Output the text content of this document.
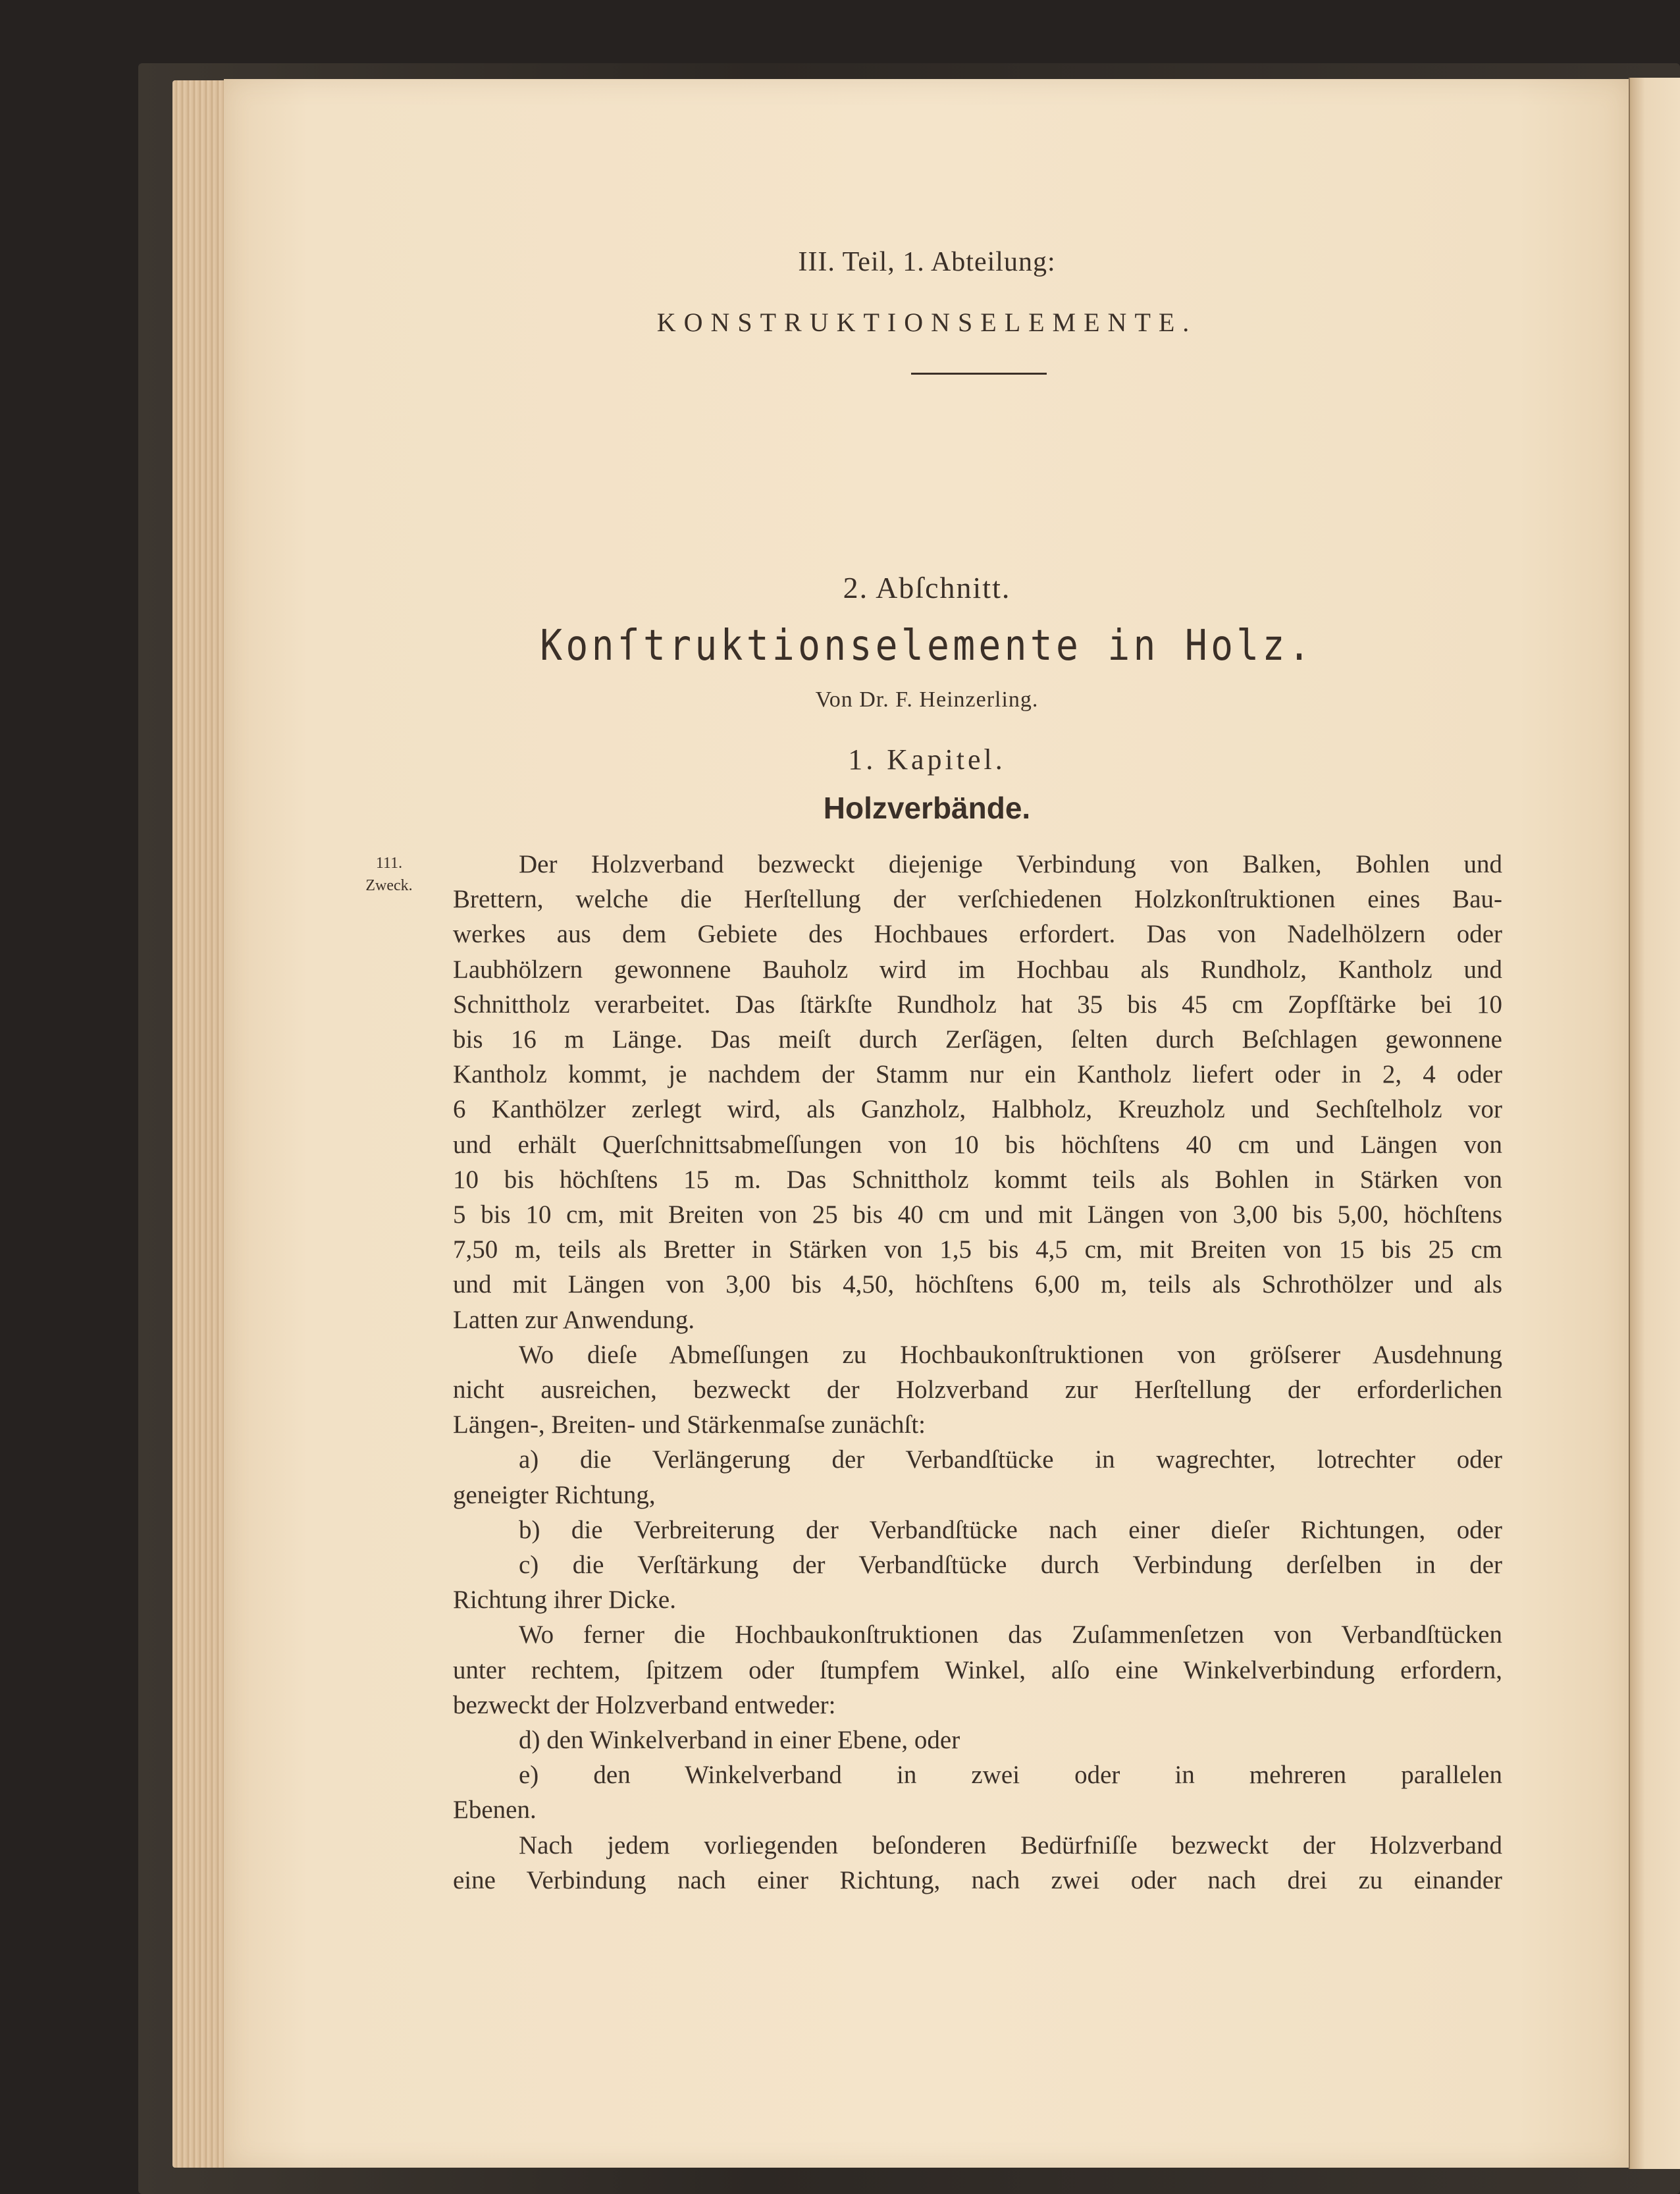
III. Teil, 1. Abteilung:
KONSTRUKTIONSELEMENTE.
2. Abſchnitt.
Konſtruktionselemente in Holz.
Von Dr. F. Heinzerling.
1. Kapitel.
Holzverbände.
111.
Zweck.
Der Holzverband bezweckt diejenige Verbindung von Balken, Bohlen und
Brettern, welche die Herſtellung der verſchiedenen Holzkonſtruktionen eines Bau-
werkes aus dem Gebiete des Hochbaues erfordert. Das von Nadelhölzern oder
Laubhölzern gewonnene Bauholz wird im Hochbau als Rundholz, Kantholz und
Schnittholz verarbeitet. Das ſtärkſte Rundholz hat 35 bis 45 cm Zopfſtärke bei 10
bis 16 m Länge. Das meiſt durch Zerſägen, ſelten durch Beſchlagen gewonnene
Kantholz kommt, je nachdem der Stamm nur ein Kantholz liefert oder in 2, 4 oder
6 Kanthölzer zerlegt wird, als Ganzholz, Halbholz, Kreuzholz und Sechſtelholz vor
und erhält Querſchnittsabmeſſungen von 10 bis höchſtens 40 cm und Längen von
10 bis höchſtens 15 m. Das Schnittholz kommt teils als Bohlen in Stärken von
5 bis 10 cm, mit Breiten von 25 bis 40 cm und mit Längen von 3,00 bis 5,00, höchſtens
7,50 m, teils als Bretter in Stärken von 1,5 bis 4,5 cm, mit Breiten von 15 bis 25 cm
und mit Längen von 3,00 bis 4,50, höchſtens 6,00 m, teils als Schrothölzer und als
Latten zur Anwendung.
Wo dieſe Abmeſſungen zu Hochbaukonſtruktionen von gröſserer Ausdehnung
nicht ausreichen, bezweckt der Holzverband zur Herſtellung der erforderlichen
Längen-, Breiten- und Stärkenmaſse zunächſt:
a) die Verlängerung der Verbandſtücke in wagrechter, lotrechter oder
geneigter Richtung,
b) die Verbreiterung der Verbandſtücke nach einer dieſer Richtungen, oder
c) die Verſtärkung der Verbandſtücke durch Verbindung derſelben in der
Richtung ihrer Dicke.
Wo ferner die Hochbaukonſtruktionen das Zuſammenſetzen von Verbandſtücken
unter rechtem, ſpitzem oder ſtumpfem Winkel, alſo eine Winkelverbindung erfordern,
bezweckt der Holzverband entweder:
d) den Winkelverband in einer Ebene, oder
e) den Winkelverband in zwei oder in mehreren parallelen
Ebenen.
Nach jedem vorliegenden beſonderen Bedürfniſſe bezweckt der Holzverband
eine Verbindung nach einer Richtung, nach zwei oder nach drei zu einander
